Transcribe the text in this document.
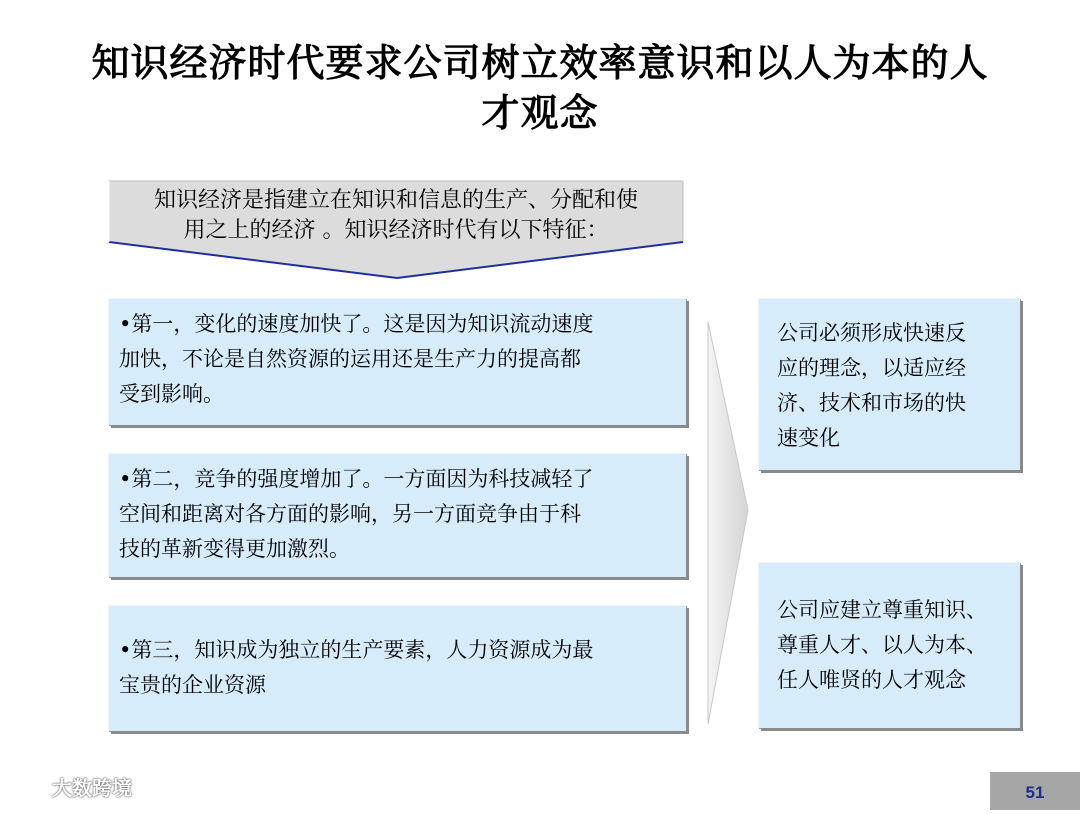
知识经济时代要求公司树立效率意识和以人为本的人
才观念
知识经济是指建立在知识和信息的生产、分配和使
用之上的经济 。知识经济时代有以下特征：
•第一，变化的速度加快了。这是因为知识流动速度
加快，不论是自然资源的运用还是生产力的提高都
受到影响。
•第二，竞争的强度增加了。一方面因为科技减轻了
空间和距离对各方面的影响，另一方面竞争由于科
技的革新变得更加激烈。
•第三，知识成为独立的生产要素，人力资源成为最
宝贵的企业资源
公司必须形成快速反
应的理念，以适应经
济、技术和市场的快
速变化
公司应建立尊重知识、
尊重人才、以人为本、
任人唯贤的人才观念
大数跨境	51
